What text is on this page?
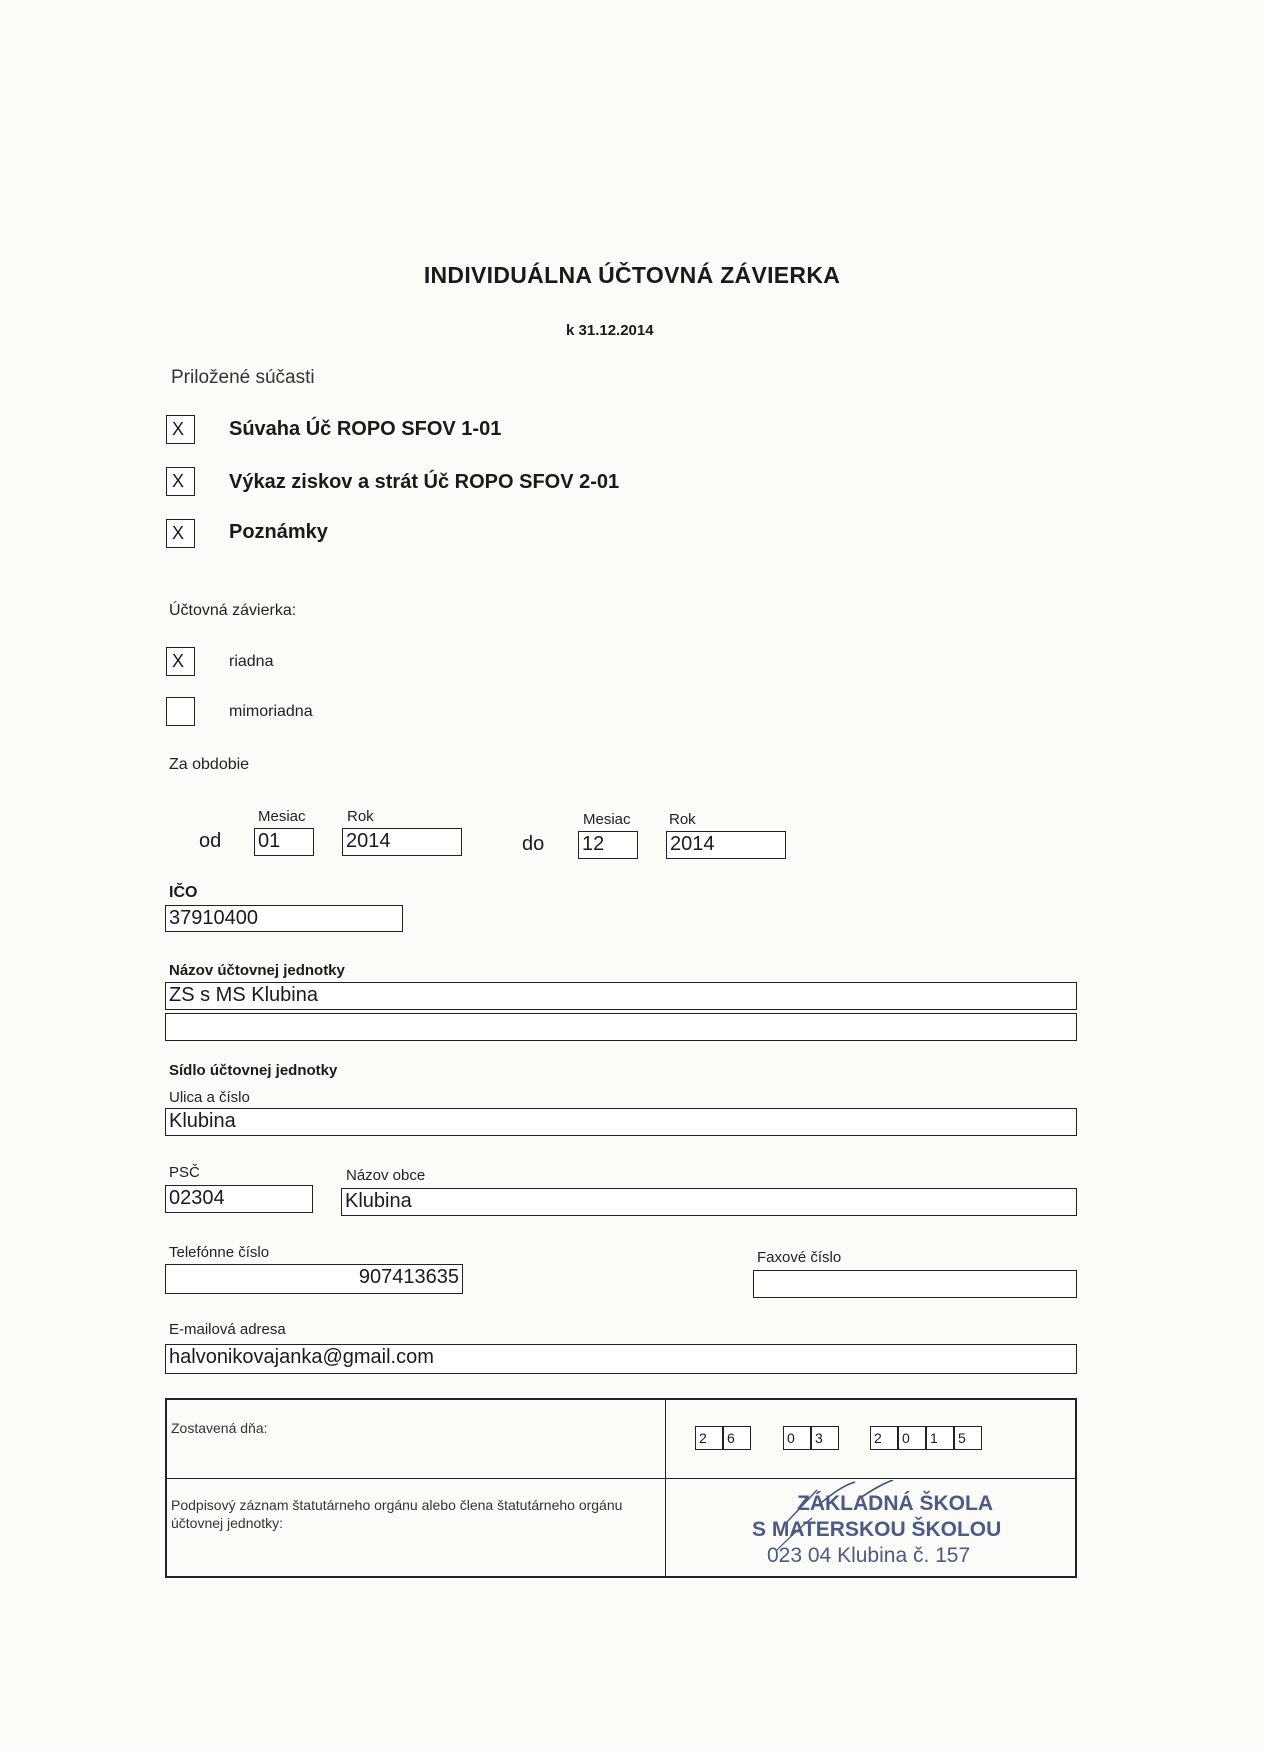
INDIVIDUÁLNA ÚČTOVNÁ ZÁVIERKA
k 31.12.2014
Priložené súčasti
X	Súvaha Úč ROPO SFOV 1-01
X	Výkaz ziskov a strát Úč ROPO SFOV 2-01
X	Poznámky
Účtovná závierka:
X	riadna
mimoriadna
Za obdobie
Mesiac	Rok
od 01	2014
Mesiac	Rok
do 12	2014
IČO
37910400
Názov účtovnej jednotky
ZS s MS Klubina
Sídlo účtovnej jednotky
Ulica a číslo
Klubina
PSČ
02304
Názov obce
Klubina
Telefónne číslo
907413635
Faxové číslo
E-mailová adresa
halvonikovajanka@gmail.com
Zostavená dňa:
2	6	0	3	2	0	1	5
Podpisový záznam štatutárneho orgánu alebo člena štatutárneho orgánu účtovnej jednotky:
ZÁKLADNÁ ŠKOLA
S MATERSKOU ŠKOLOU
023 04 Klubina č. 157
